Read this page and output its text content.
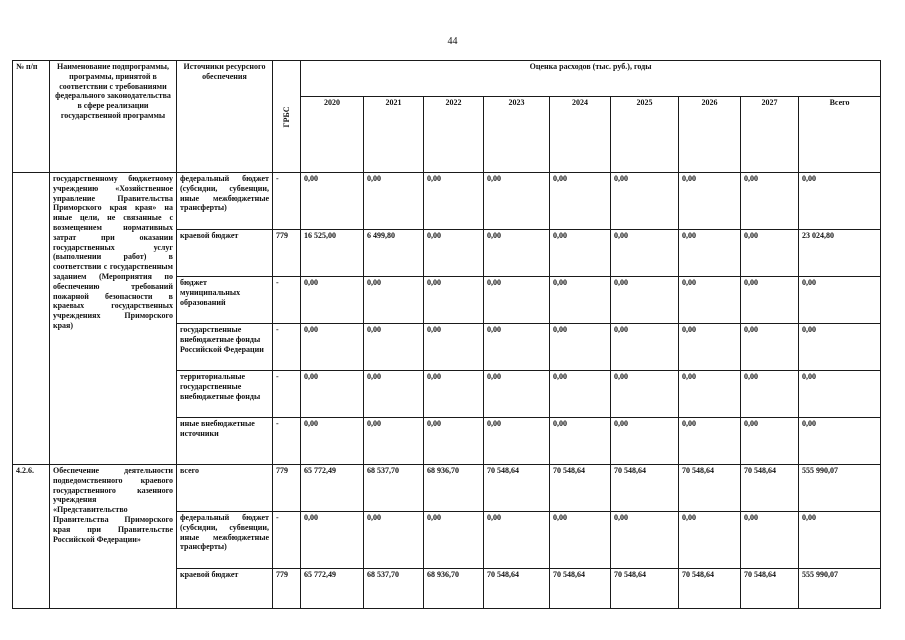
44
№ п/п	Наименование подпрограммы, программы, принятой в соответствии с требованиями федерального законодательства в сфере реализации государственной программы	Источники ресурсного обеспечения	ГРБС	Оценка расходов (тыс. руб.), годы								
				2020	2021	2022	2023	2024	2025	2026	2027	Всего
	государственному бюджетному учреждению «Хозяйственное управление Правительства Приморского края края» на иные цели, не связанные с возмещением нормативных затрат при оказании государственных услуг (выполнении работ) в соответствии с государственным заданием (Мероприятия по обеспечению требований пожарной безопасности в краевых государственных учреждениях Приморского края)	федеральный бюджет (субсидии, субвенции, иные межбюджетные трансферты)	-	0,00	0,00	0,00	0,00	0,00	0,00	0,00	0,00	0,00
		краевой бюджет	779	16 525,00	6 499,80	0,00	0,00	0,00	0,00	0,00	0,00	23 024,80
		бюджет муниципальных образований	-	0,00	0,00	0,00	0,00	0,00	0,00	0,00	0,00	0,00
		государственные внебюджетные фонды Российской Федерации	-	0,00	0,00	0,00	0,00	0,00	0,00	0,00	0,00	0,00
		территориальные государственные внебюджетные фонды	-	0,00	0,00	0,00	0,00	0,00	0,00	0,00	0,00	0,00
		иные внебюджетные источники	-	0,00	0,00	0,00	0,00	0,00	0,00	0,00	0,00	0,00
4.2.6.	Обеспечение деятельности подведомственного краевого государственного казенного учреждения «Представительство Правительства Приморского края при Правительстве Российской Федерации»	всего	779	65 772,49	68 537,70	68 936,70	70 548,64	70 548,64	70 548,64	70 548,64	70 548,64	555 990,07
		федеральный бюджет (субсидии, субвенции, иные межбюджетные трансферты)	-	0,00	0,00	0,00	0,00	0,00	0,00	0,00	0,00	0,00
		краевой бюджет	779	65 772,49	68 537,70	68 936,70	70 548,64	70 548,64	70 548,64	70 548,64	70 548,64	555 990,07
